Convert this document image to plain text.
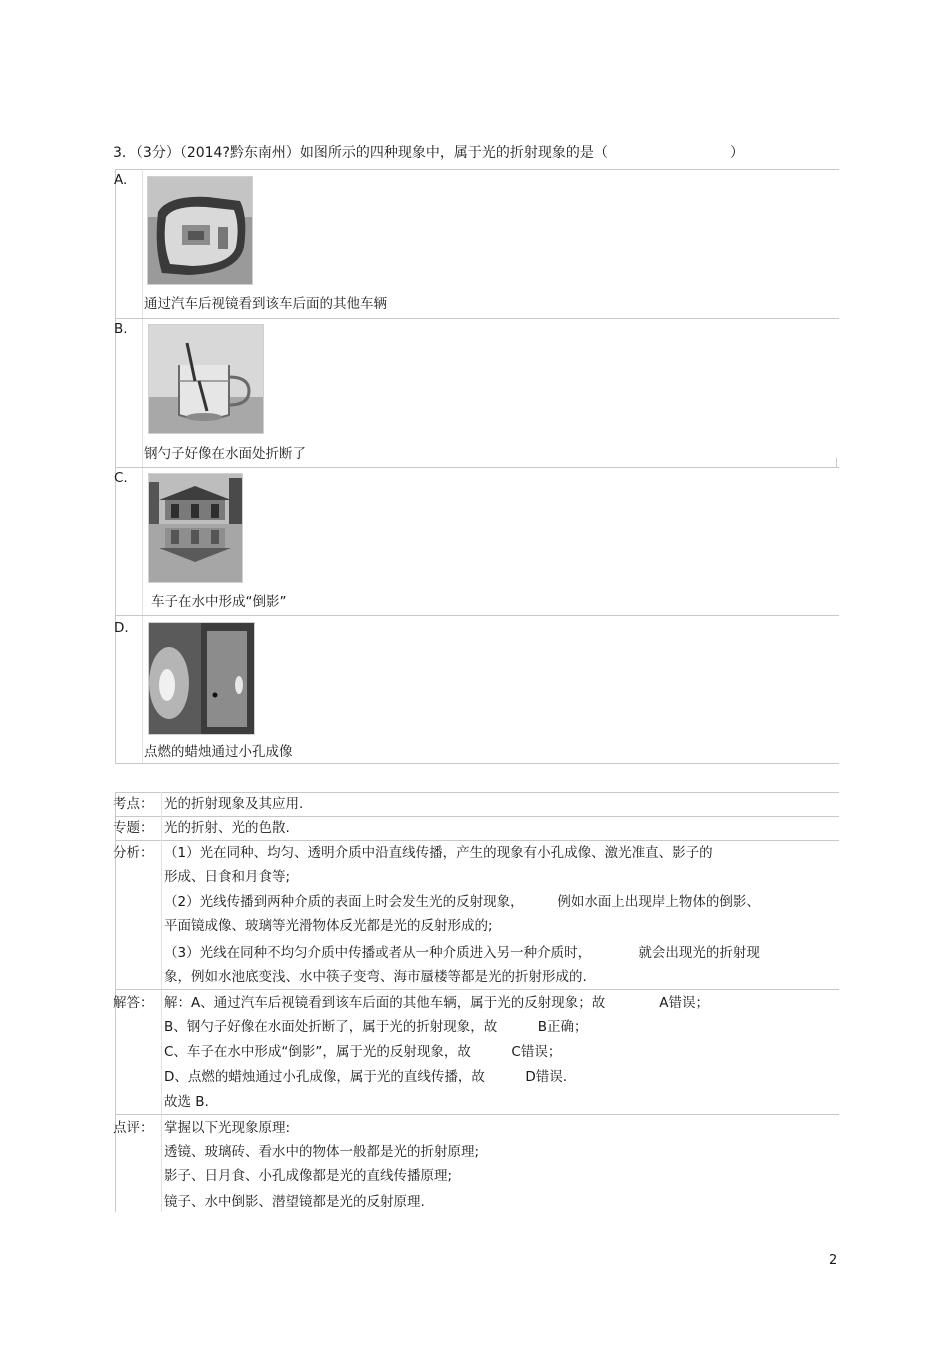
3．（3分）（2014?黔东南州）如图所示的四种现象中，属于光的折射现象的是（	）
A.
通过汽车后视镜看到该车后面的其他车辆
B.
钢勺子好像在水面处折断了
C.
车子在水中形成“倒影”
D.
点燃的蜡烛通过小孔成像
考点： 光的折射现象及其应用.
专题： 光的折射、光的色散.
分析： （1）光在同种、均匀、透明介质中沿直线传播，产生的现象有小孔成像、激光准直、影子的
形成、日食和月食等;
（2）光线传播到两种介质的表面上时会发生光的反射现象，　　　例如水面上出现岸上物体的倒影、
平面镜成像、玻璃等光滑物体反光都是光的反射形成的;
（3）光线在同种不均匀介质中传播或者从一种介质进入另一种介质时，　　　　就会出现光的折射现
象，例如水池底变浅、水中筷子变弯、海市蜃楼等都是光的折射形成的.
解答： 解：A、通过汽车后视镜看到该车后面的其他车辆，属于光的反射现象；故　　　　A错误；
B、钢勺子好像在水面处折断了，属于光的折射现象，故　　　B正确；
C、车子在水中形成“倒影”，属于光的反射现象，故　　　C错误；
D、点燃的蜡烛通过小孔成像，属于光的直线传播，故　　　D错误.
故选 B.
点评： 掌握以下光现象原理:
透镜、玻璃砖、看水中的物体一般都是光的折射原理;
影子、日月食、小孔成像都是光的直线传播原理;
镜子、水中倒影、潜望镜都是光的反射原理.
2
